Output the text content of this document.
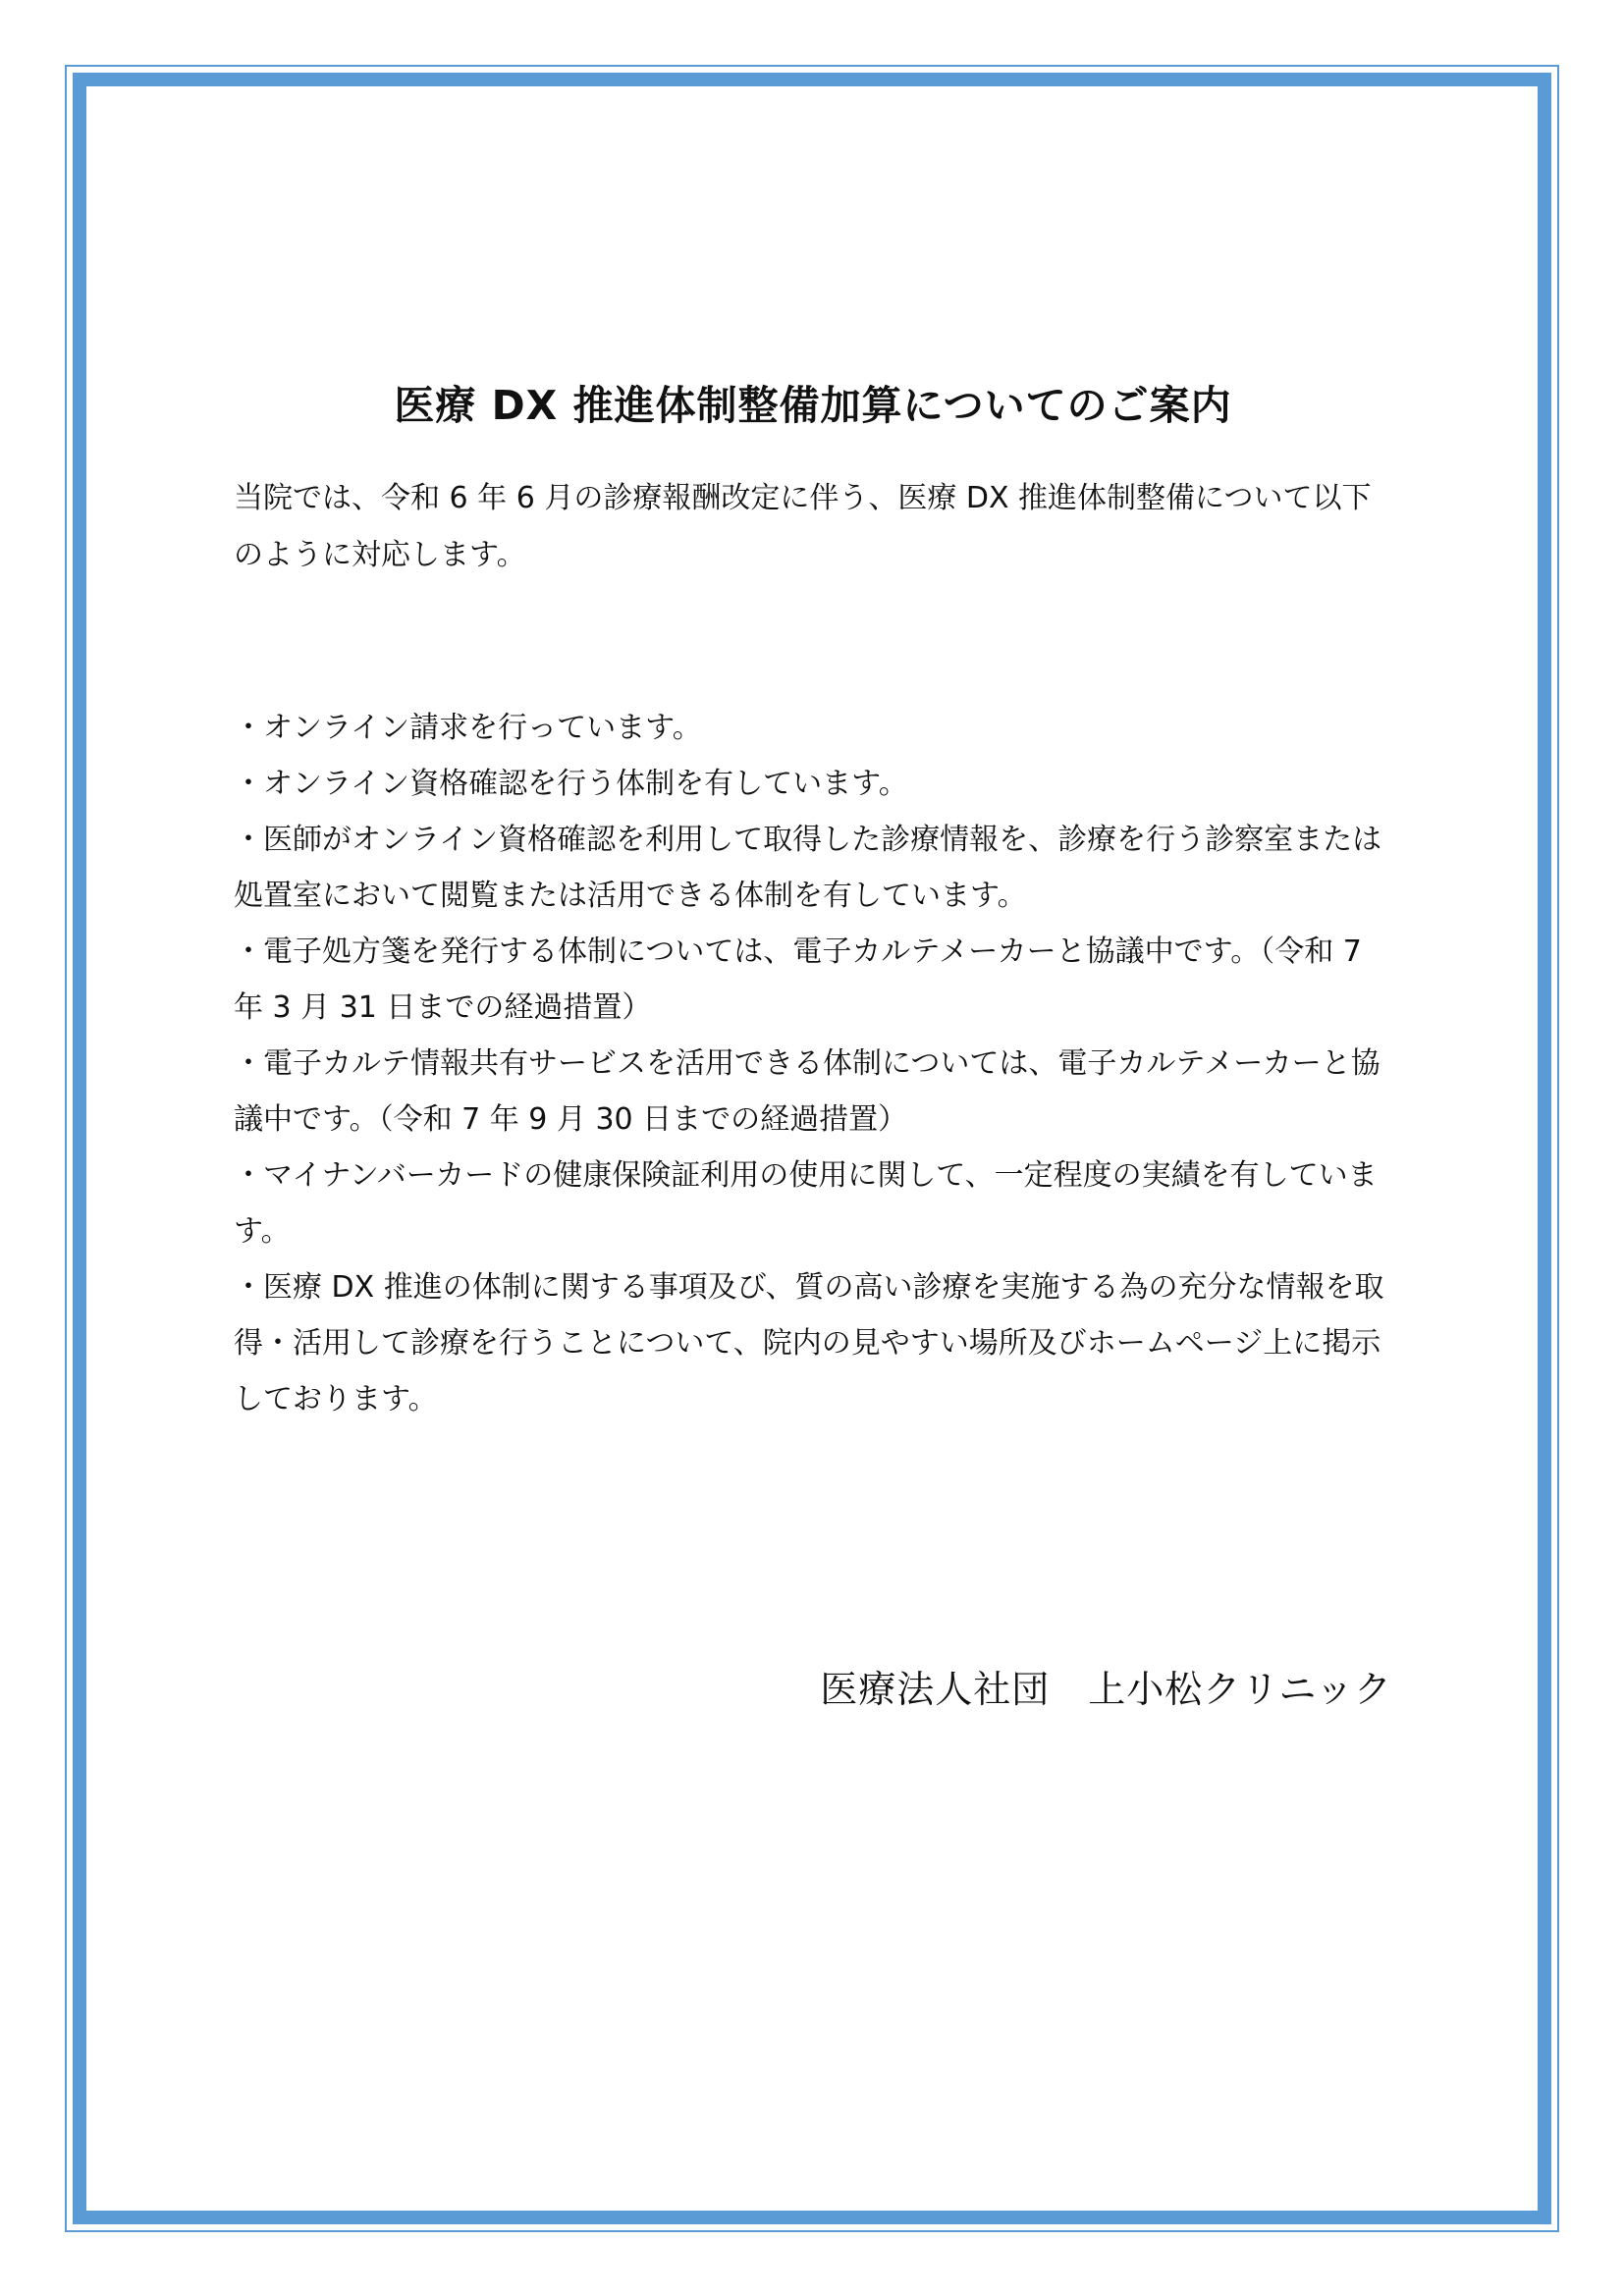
医療 DX 推進体制整備加算についてのご案内

当院では、令和 6 年 6 月の診療報酬改定に伴う、医療 DX 推進体制整備について以下のように対応します。

・オンライン請求を行っています。
・オンライン資格確認を行う体制を有しています。
・医師がオンライン資格確認を利用して取得した診療情報を、診療を行う診察室または処置室において閲覧または活用できる体制を有しています。
・電子処方箋を発行する体制については、電子カルテメーカーと協議中です。（令和 7 年 3 月 31 日までの経過措置）
・電子カルテ情報共有サービスを活用できる体制については、電子カルテメーカーと協議中です。（令和 7 年 9 月 30 日までの経過措置）
・マイナンバーカードの健康保険証利用の使用に関して、一定程度の実績を有しています。
・医療 DX 推進の体制に関する事項及び、質の高い診療を実施する為の充分な情報を取得・活用して診療を行うことについて、院内の見やすい場所及びホームページ上に掲示しております。
医療法人社団　上小松クリニック
